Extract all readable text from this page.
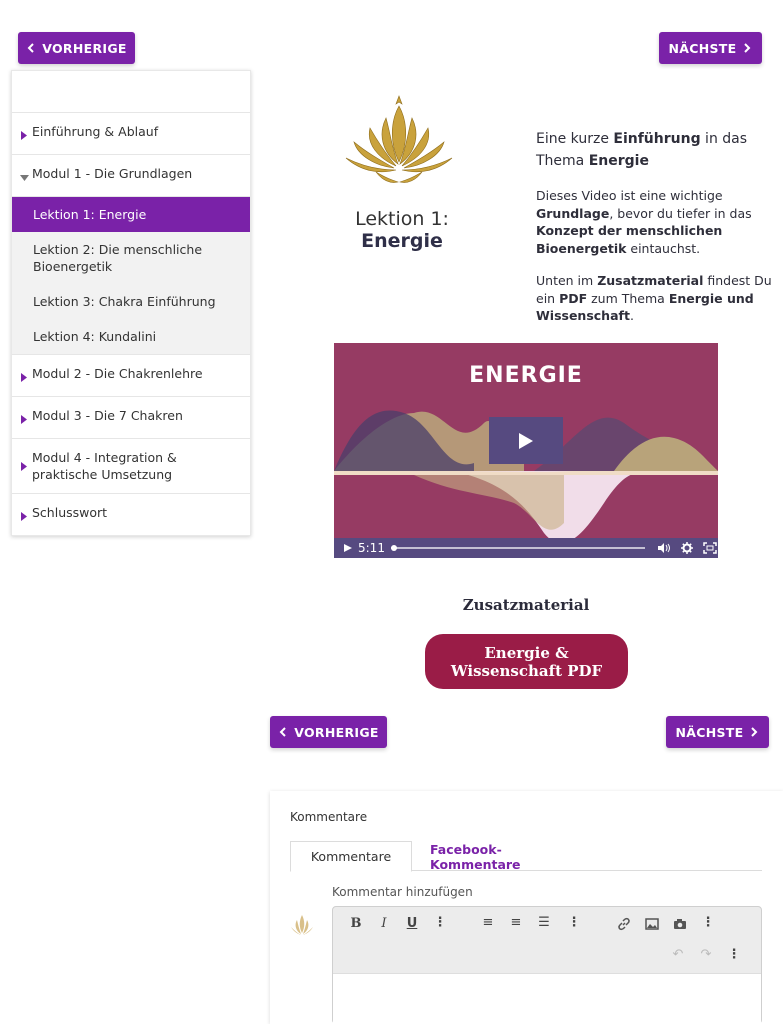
VORHERIGE	NÄCHSTE
Einführung & Ablauf
Modul 1 - Die Grundlagen
Lektion 1: Energie
Lektion 2: Die menschliche Bioenergetik
Lektion 3: Chakra Einführung
Lektion 4: Kundalini
Modul 2 - Die Chakrenlehre
Modul 3 - Die 7 Chakren
Modul 4 - Integration & praktische Umsetzung
Schlusswort
Lektion 1: Energie
Eine kurze Einführung in das Thema Energie

Dieses Video ist eine wichtige Grundlage, bevor du tiefer in das Konzept der menschlichen Bioenergetik eintauchst.

Unten im Zusatzmaterial findest Du ein PDF zum Thema Energie und Wissenschaft.

ENERGIE
5:11
Zusatzmaterial
Energie &
Wissenschaft PDF
VORHERIGE	NÄCHSTE
Kommentare
Kommentare	Facebook-Kommentare
Kommentar hinzufügen
B	I	U ⋮	≡ ≡ ☰ ⋮	⋮
↶ ↷ ⋮
